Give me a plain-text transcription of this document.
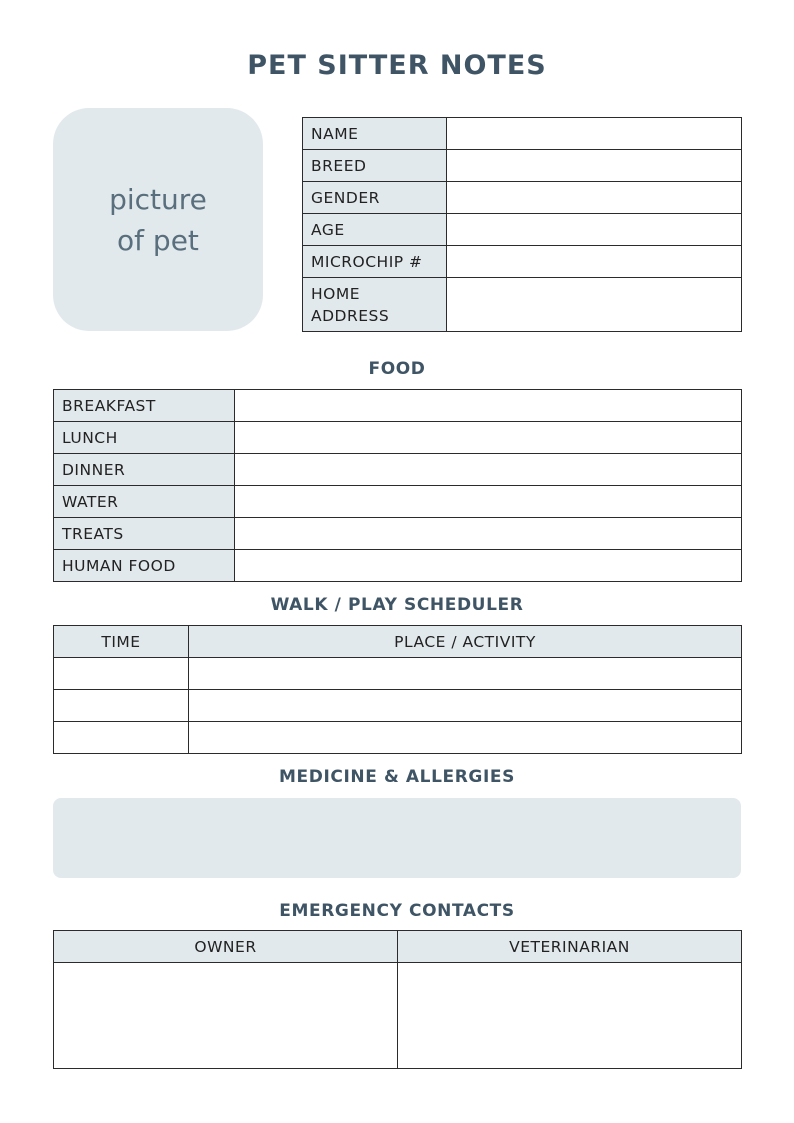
PET SITTER NOTES
picture
of pet
NAME	
BREED	
GENDER	
AGE	
MICROCHIP #	

HOME
ADDRESS	

FOOD
BREAKFAST	
LUNCH	
DINNER	
WATER	
TREATS	
HUMAN FOOD	
WALK / PLAY SCHEDULER
TIME	PLACE / ACTIVITY

MEDICINE & ALLERGIES
EMERGENCY CONTACTS
OWNER	VETERINARIAN
